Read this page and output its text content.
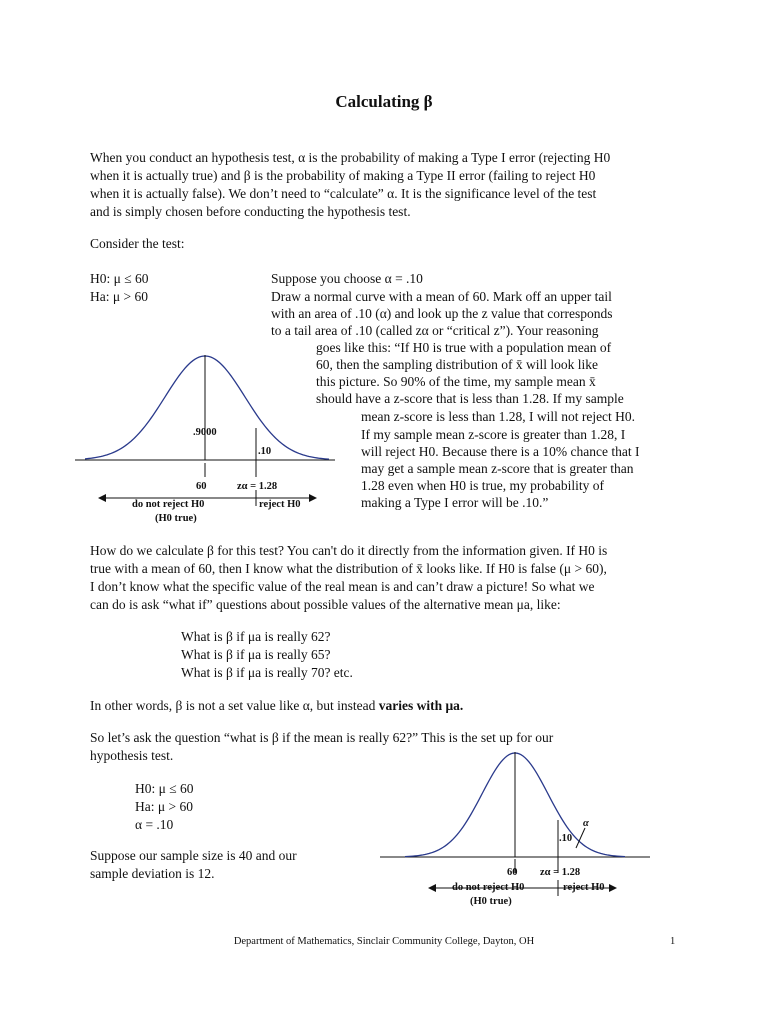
Calculating β
When you conduct an hypothesis test, α is the probability of making a Type I error (rejecting H0
when it is actually true) and β is the probability of making a Type II error (failing to reject H0
when it is actually false). We don’t need to “calculate” α. It is the significance level of the test
and is simply chosen before conducting the hypothesis test.
Consider the test:
H0: μ ≤ 60
Ha: μ > 60
Suppose you choose α = .10
Draw a normal curve with a mean of 60. Mark off an upper tail
with an area of .10 (α) and look up the z value that corresponds
to a tail area of .10 (called zα or “critical z”). Your reasoning
goes like this: “If H0 is true with a population mean of
60, then the sampling distribution of x̄ will look like
this picture. So 90% of the time, my sample mean x̄
should have a z-score that is less than 1.28. If my sample
mean z-score is less than 1.28, I will not reject H0.
If my sample mean z-score is greater than 1.28, I
will reject H0. Because there is a 10% chance that I
may get a sample mean z-score that is greater than
1.28 even when H0 is true, my probability of
making a Type I error will be .10.”
.9000
.10
60	zα = 1.28
do not reject H0
(H0 true)
reject H0
How do we calculate β for this test? You can't do it directly from the information given. If H0 is
true with a mean of 60, then I know what the distribution of x̄ looks like. If H0 is false (μ > 60),
I don’t know what the specific value of the real mean is and can’t draw a picture! So what we
can do is ask “what if” questions about possible values of the alternative mean μa, like:
What is β if μa is really 62?
What is β if μa is really 65?
What is β if μa is really 70? etc.
In other words, β is not a set value like α, but instead varies with μa.
So let’s ask the question “what is β if the mean is really 62?” This is the set up for our
hypothesis test.
H0: μ ≤ 60
Ha: μ > 60
α = .10
Suppose our sample size is 40 and our
sample deviation is 12.
.10
α
60 zα = 1.28
do not reject H0
(H0 true)
reject H0
Department of Mathematics, Sinclair Community College, Dayton, OH	1
